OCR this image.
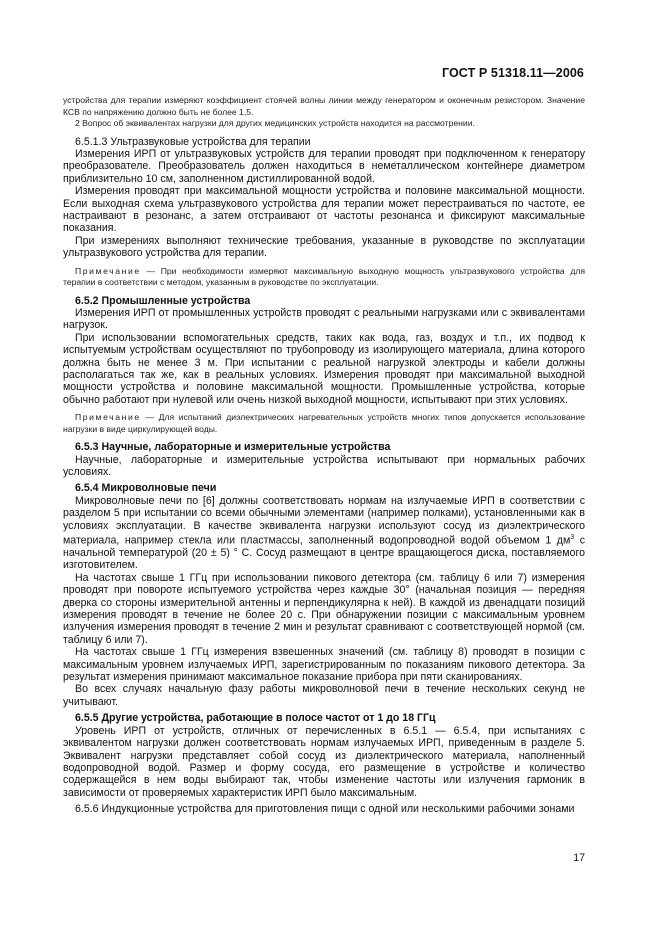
ГОСТ Р 51318.11—2006

устройства для терапии измеряют коэффициент стоячей волны линии между генератором и оконечным резистором. Значение КСВ по напряжению должно быть не более 1,5.

2 Вопрос об эквивалентах нагрузки для других медицинских устройств находится на рассмотрении.

6.5.1.3 Ультразвуковые устройства для терапии

Измерения ИРП от ультразвуковых устройств для терапии проводят при подключенном к генератору преобразователе. Преобразователь должен находиться в неметаллическом контейнере диаметром приблизительно 10 см, заполненном дистиллированной водой.

Измерения проводят при максимальной мощности устройства и половине максимальной мощности. Если выходная схема ультразвукового устройства для терапии может перестраиваться по частоте, ее настраивают в резонанс, а затем отстраивают от частоты резонанса и фиксируют максимальные показания.

При измерениях выполняют технические требования, указанные в руководстве по эксплуатации ультразвукового устройства для терапии.

Примечание — При необходимости измеряют максимальную выходную мощность ультразвукового устройства для терапии в соответствии с методом, указанным в руководстве по эксплуатации.

6.5.2 Промышленные устройства

Измерения ИРП от промышленных устройств проводят с реальными нагрузками или с эквивалентами нагрузок.

При использовании вспомогательных средств, таких как вода, газ, воздух и т.п., их подвод к испытуемым устройствам осуществляют по трубопроводу из изолирующего материала, длина которого должна быть не менее 3 м. При испытании с реальной нагрузкой электроды и кабели должны располагаться так же, как в реальных условиях. Измерения проводят при максимальной выходной мощности устройства и половине максимальной мощности. Промышленные устройства, которые обычно работают при нулевой или очень низкой выходной мощности, испытывают при этих условиях.

Примечание — Для испытаний диэлектрических нагревательных устройств многих типов допускается использование нагрузки в виде циркулирующей воды.

6.5.3 Научные, лабораторные и измерительные устройства

Научные, лабораторные и измерительные устройства испытывают при нормальных рабочих условиях.

6.5.4 Микроволновые печи

Микроволновые печи по [6] должны соответствовать нормам на излучаемые ИРП в соответствии с разделом 5 при испытании со всеми обычными элементами (например полками), установленными как в условиях эксплуатации. В качестве эквивалента нагрузки используют сосуд из диэлектрического материала, например стекла или пластмассы, заполненный водопроводной водой объемом 1 $дм^3$ с начальной температурой (20 ± 5) ° С. Сосуд размещают в центре вращающегося диска, поставляемого изготовителем.

На частотах свыше 1 ГГц при использовании пикового детектора (см. таблицу 6 или 7) измерения проводят при повороте испытуемого устройства через каждые 30° (начальная позиция — передняя дверка со стороны измерительной антенны и перпендикулярна к ней). В каждой из двенадцати позиций измерения проводят в течение не более 20 с. При обнаружении позиции с максимальным уровнем излучения измерения проводят в течение 2 мин и результат сравнивают с соответствующей нормой (см. таблицу 6 или 7).

На частотах свыше 1 ГГц измерения взвешенных значений (см. таблицу 8) проводят в позиции с максимальным уровнем излучаемых ИРП, зарегистрированным по показаниям пикового детектора. За результат измерения принимают максимальное показание прибора при пяти сканированиях.

Во всех случаях начальную фазу работы микроволновой печи в течение нескольких секунд не учитывают.

6.5.5 Другие устройства, работающие в полосе частот от 1 до 18 ГГц

Уровень ИРП от устройств, отличных от перечисленных в 6.5.1 — 6.5.4, при испытаниях с эквивалентом нагрузки должен соответствовать нормам излучаемых ИРП, приведенным в разделе 5. Эквивалент нагрузки представляет собой сосуд из диэлектрического материала, наполненный водопроводной водой. Размер и форму сосуда, его размещение в устройстве и количество содержащейся в нем воды выбирают так, чтобы изменение частоты или излучения гармоник в зависимости от проверяемых характеристик ИРП было максимальным.

6.5.6 Индукционные устройства для приготовления пищи с одной или несколькими рабочими зонами

17
